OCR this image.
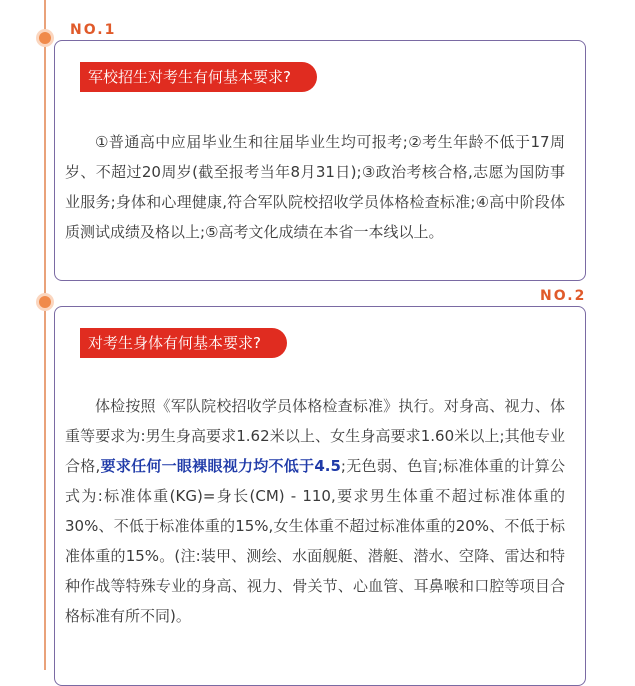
NO.1
军校招生对考生有何基本要求?
①普通高中应届毕业生和往届毕业生均可报考;②考生年龄不低于17周岁、不超过20周岁(截至报考当年8月31日);③政治考核合格,志愿为国防事业服务;身体和心理健康,符合军队院校招收学员体格检查标准;④高中阶段体质测试成绩及格以上;⑤高考文化成绩在本省一本线以上。
NO.2
对考生身体有何基本要求?
体检按照《军队院校招收学员体格检查标准》执行。对身高、视力、体重等要求为:男生身高要求1.62米以上、女生身高要求1.60米以上;其他专业合格,要求任何一眼裸眼视力均不低于4.5;无色弱、色盲;标准体重的计算公式为:标准体重(KG)=身长(CM) - 110,要求男生体重不超过标准体重的30%、不低于标准体重的15%,女生体重不超过标准体重的20%、不低于标准体重的15%。(注:装甲、测绘、水面舰艇、潜艇、潜水、空降、雷达和特种作战等特殊专业的身高、视力、骨关节、心血管、耳鼻喉和口腔等项目合格标准有所不同)。
